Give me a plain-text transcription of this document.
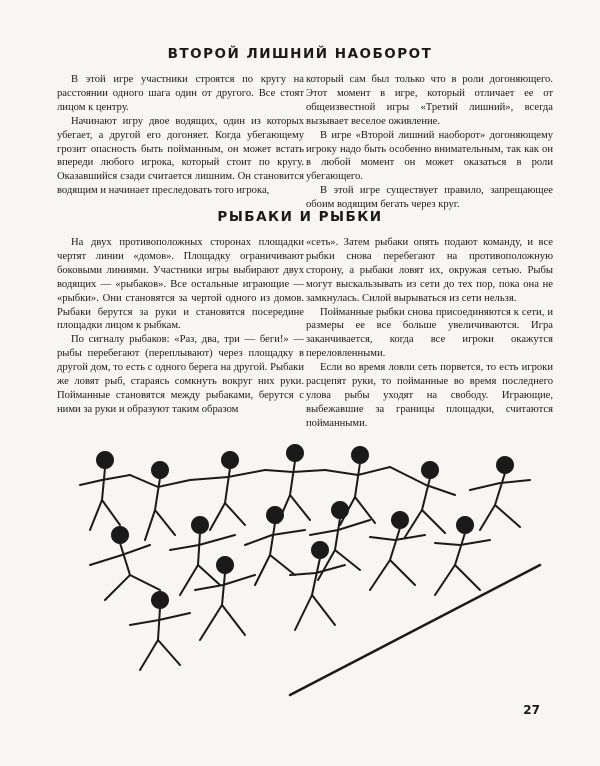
ВТОРОЙ ЛИШНИЙ НАОБОРОТ

В этой игре участники строятся по кругу на расстоянии одного шага один от другого. Все стоят лицом к центру.

Начинают игру двое водящих, один из которых убегает, а другой его догоняет. Когда убегающему грозит опасность быть пойманным, он может встать впереди любого игрока, который стоит по кругу. Оказавшийся сзади считается лишним. Он становится водящим и начинает преследовать того игрока,

который сам был только что в роли догоняющего. Этот момент в игре, который отличает ее от общеизвестной игры «Третий лишний», всегда вызывает веселое оживление.

В игре «Второй лишний наоборот» догоняющему игроку надо быть особенно внимательным, так как он в любой момент он может оказаться в роли убегающего.

В этой игре существует правило, запрещающее обоим водящим бегать через круг.

РЫБАКИ И РЫБКИ

На двух противоположных сторонах площадки чертят линии «домов». Площадку ограничивают боковыми линиями. Участники игры выбирают двух водящих — «рыбаков». Все остальные играющие — «рыбки». Они становятся за чертой одного из домов. Рыбаки берутся за руки и становятся посередине площадки лицом к рыбкам.

По сигналу рыбаков: «Раз, два, три — беги!» — рыбы перебегают (переплывают) через площадку в другой дом, то есть с одного берега на другой. Рыбаки же ловят рыб, стараясь сомкнуть вокруг них руки. Пойманные становятся между рыбаками, берутся с ними за руки и образуют таким образом

«сеть». Затем рыбаки опять подают команду, и все рыбки снова перебегают на противоположную сторону, а рыбаки ловят их, окружая сетью. Рыбы могут выскальзывать из сети до тех пор, пока она не замкнулась. Силой вырываться из сети нельзя.

Пойманные рыбки снова присоединяются к сети, и размеры ее все больше увеличиваются. Игра заканчивается, когда все игроки окажутся переловленными.

Если во время ловли сеть порвется, то есть игроки расцепят руки, то пойманные во время последнего улова рыбы уходят на свободу. Играющие, выбежавшие за границы площадки, считаются пойманными.

27
